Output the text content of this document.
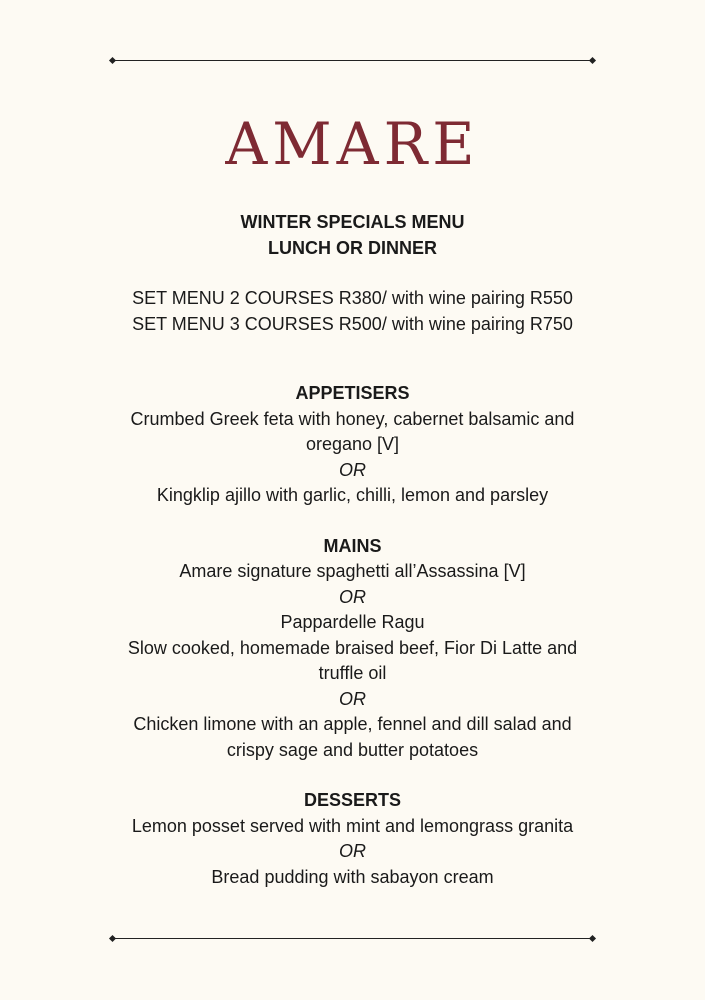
AMARE
WINTER SPECIALS MENU
LUNCH OR DINNER
SET MENU 2 COURSES R380/ with wine pairing R550
SET MENU 3 COURSES R500/ with wine pairing R750
APPETISERS
Crumbed Greek feta with honey, cabernet balsamic and
oregano [V]
OR
Kingklip ajillo with garlic, chilli, lemon and parsley
MAINS
Amare signature spaghetti all’Assassina [V]
OR
Pappardelle Ragu
Slow cooked, homemade braised beef, Fior Di Latte and
truffle oil
OR
Chicken limone with an apple, fennel and dill salad and
crispy sage and butter potatoes
DESSERTS
Lemon posset served with mint and lemongrass granita
OR
Bread pudding with sabayon cream
